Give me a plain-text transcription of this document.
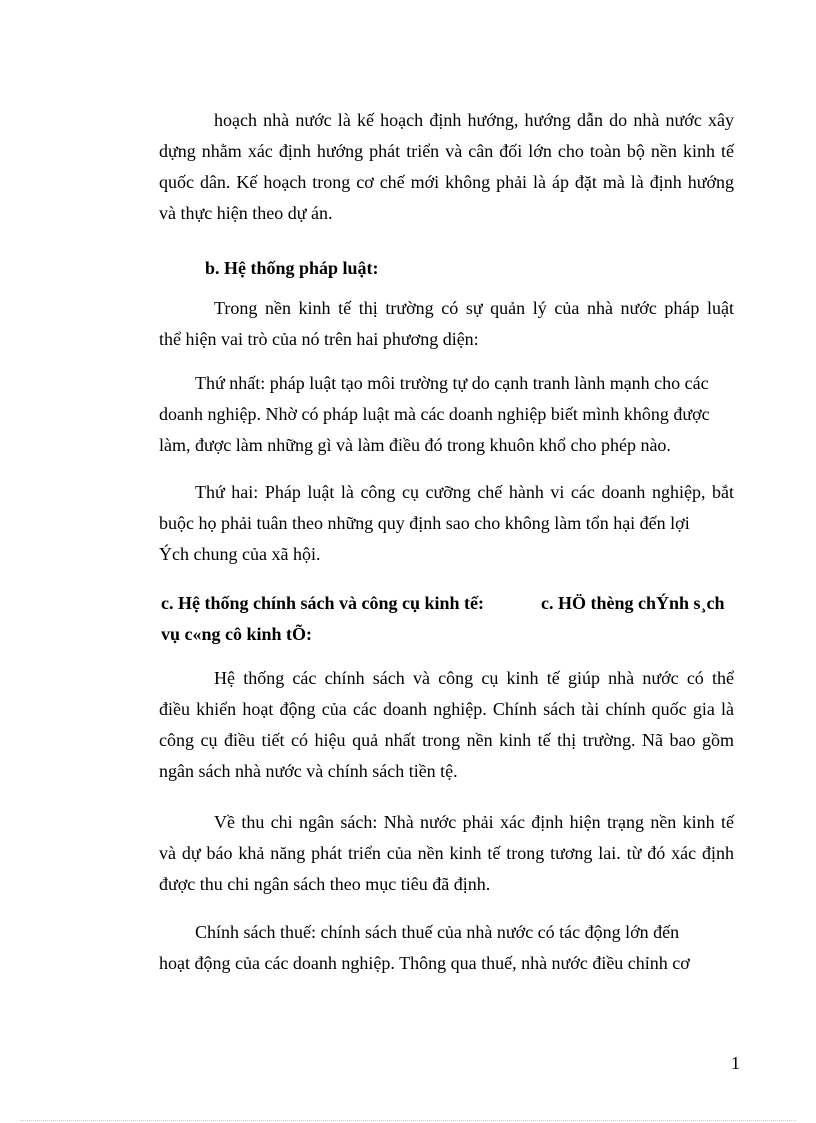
hoạch nhà nước là kế hoạch định hướng, hướng dẫn do nhà nước xây
dựng nhằm xác định hướng phát triển và cân đối lớn cho toàn bộ nền kinh tế
quốc dân. Kế hoạch trong cơ chế mới không phải là áp đặt mà là định hướng
và thực hiện theo dự án.
b. Hệ thống pháp luật:
Trong nền kinh tế thị trường có sự quản lý của nhà nước pháp luật
thể hiện vai trò của nó trên hai phương diện:
Thứ nhất: pháp luật tạo môi trường tự do cạnh tranh lành mạnh cho các
doanh nghiệp. Nhờ có pháp luật mà các doanh nghiệp biết mình không được
làm, được làm những gì và làm điều đó trong khuôn khổ cho phép nào.
Thứ hai: Pháp luật là công cụ cưỡng chế hành vi các doanh nghiệp, bắt
buộc họ phải tuân theo những quy định sao cho không làm tổn hại đến lợi
Ých chung của xã hội.
c. Hệ thống chính sách và công cụ kinh tế:
vụ c«ng cô kinh tÕ:
c. HÖ thèng chÝnh s¸ch
Hệ thống các chính sách và công cụ kinh tế giúp nhà nước có thể
điều khiển hoạt động của các doanh nghiệp. Chính sách tài chính quốc gia là
công cụ điều tiết có hiệu quả nhất trong nền kinh tế thị trường. Nã bao gồm
ngân sách nhà nước và chính sách tiền tệ.
Về thu chi ngân sách: Nhà nước phải xác định hiện trạng nền kinh tế
và dự báo khả năng phát triển của nền kinh tế trong tương lai. từ đó xác định
được thu chi ngân sách theo mục tiêu đã định.
Chính sách thuế: chính sách thuế của nhà nước có tác động lớn đến
hoạt động của các doanh nghiệp. Thông qua thuế, nhà nước điều chỉnh cơ
1
